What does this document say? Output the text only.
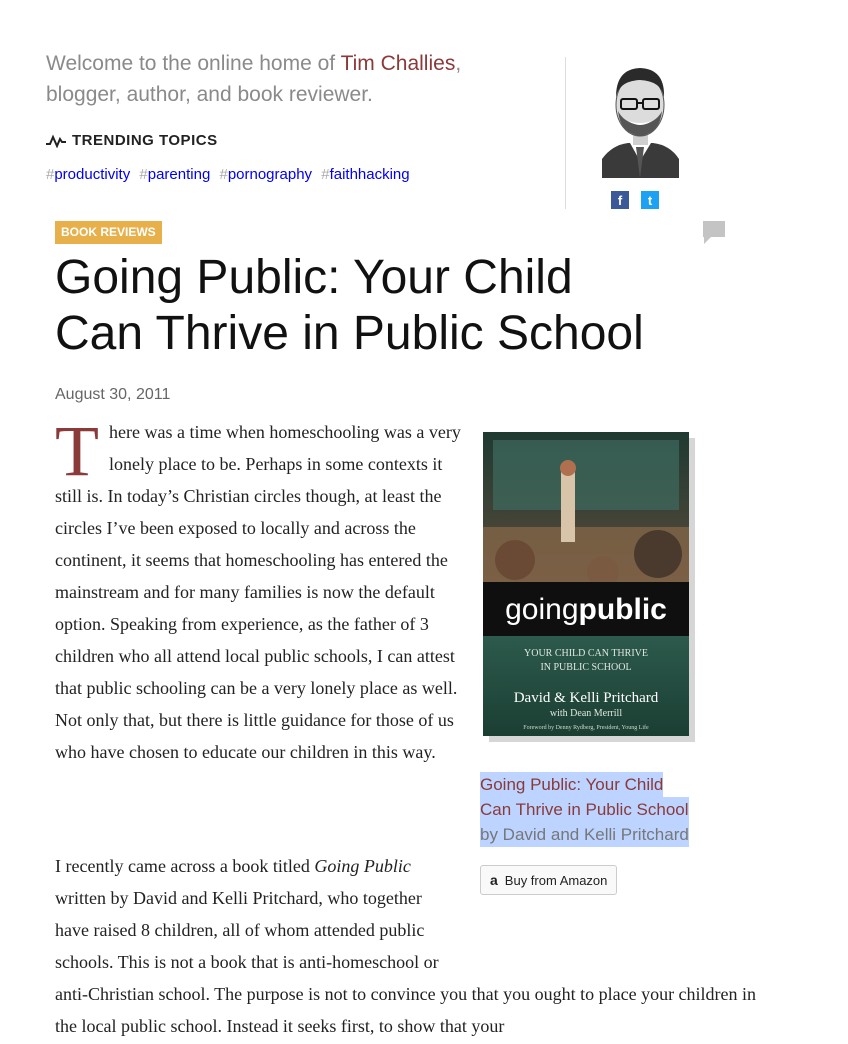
Welcome to the online home of Tim Challies,
blogger, author, and book reviewer.
TRENDING TOPICS
#productivity #parenting #pornography #faithhacking
f	t
BOOK REVIEWS
Going Public: Your Child
Can Thrive in Public School
August 30, 2011

There was a time when homeschooling was a very lonely place to be. Perhaps in some contexts it still is. In today’s Christian circles though, at least the circles I’ve been exposed to locally and across the continent, it seems that homeschooling has entered the mainstream and for many families is now the default option. Speaking from experience, as the father of 3 children who all attend local public schools, I can attest that public schooling can be a very lonely place as well. Not only that, but there is little guidance for those of us who have chosen to educate our children in this way.

I recently came across a book titled Going Public written by David and Kelli Pritchard, who together have raised 8 children, all of whom attended public schools. This is not a book that is anti-homeschool or anti-Christian school. The purpose is not to convince you that you ought to place your children in the local public school. Instead it seeks first, to show that your

goingpublic
YOUR CHILD CAN THRIVE
IN PUBLIC SCHOOL
David & Kelli Pritchard
with Dean Merrill
Foreword by Denny Rydberg, President, Young Life
Going Public: Your Child
Can Thrive in Public School
by David and Kelli Pritchard
a Buy from Amazon
